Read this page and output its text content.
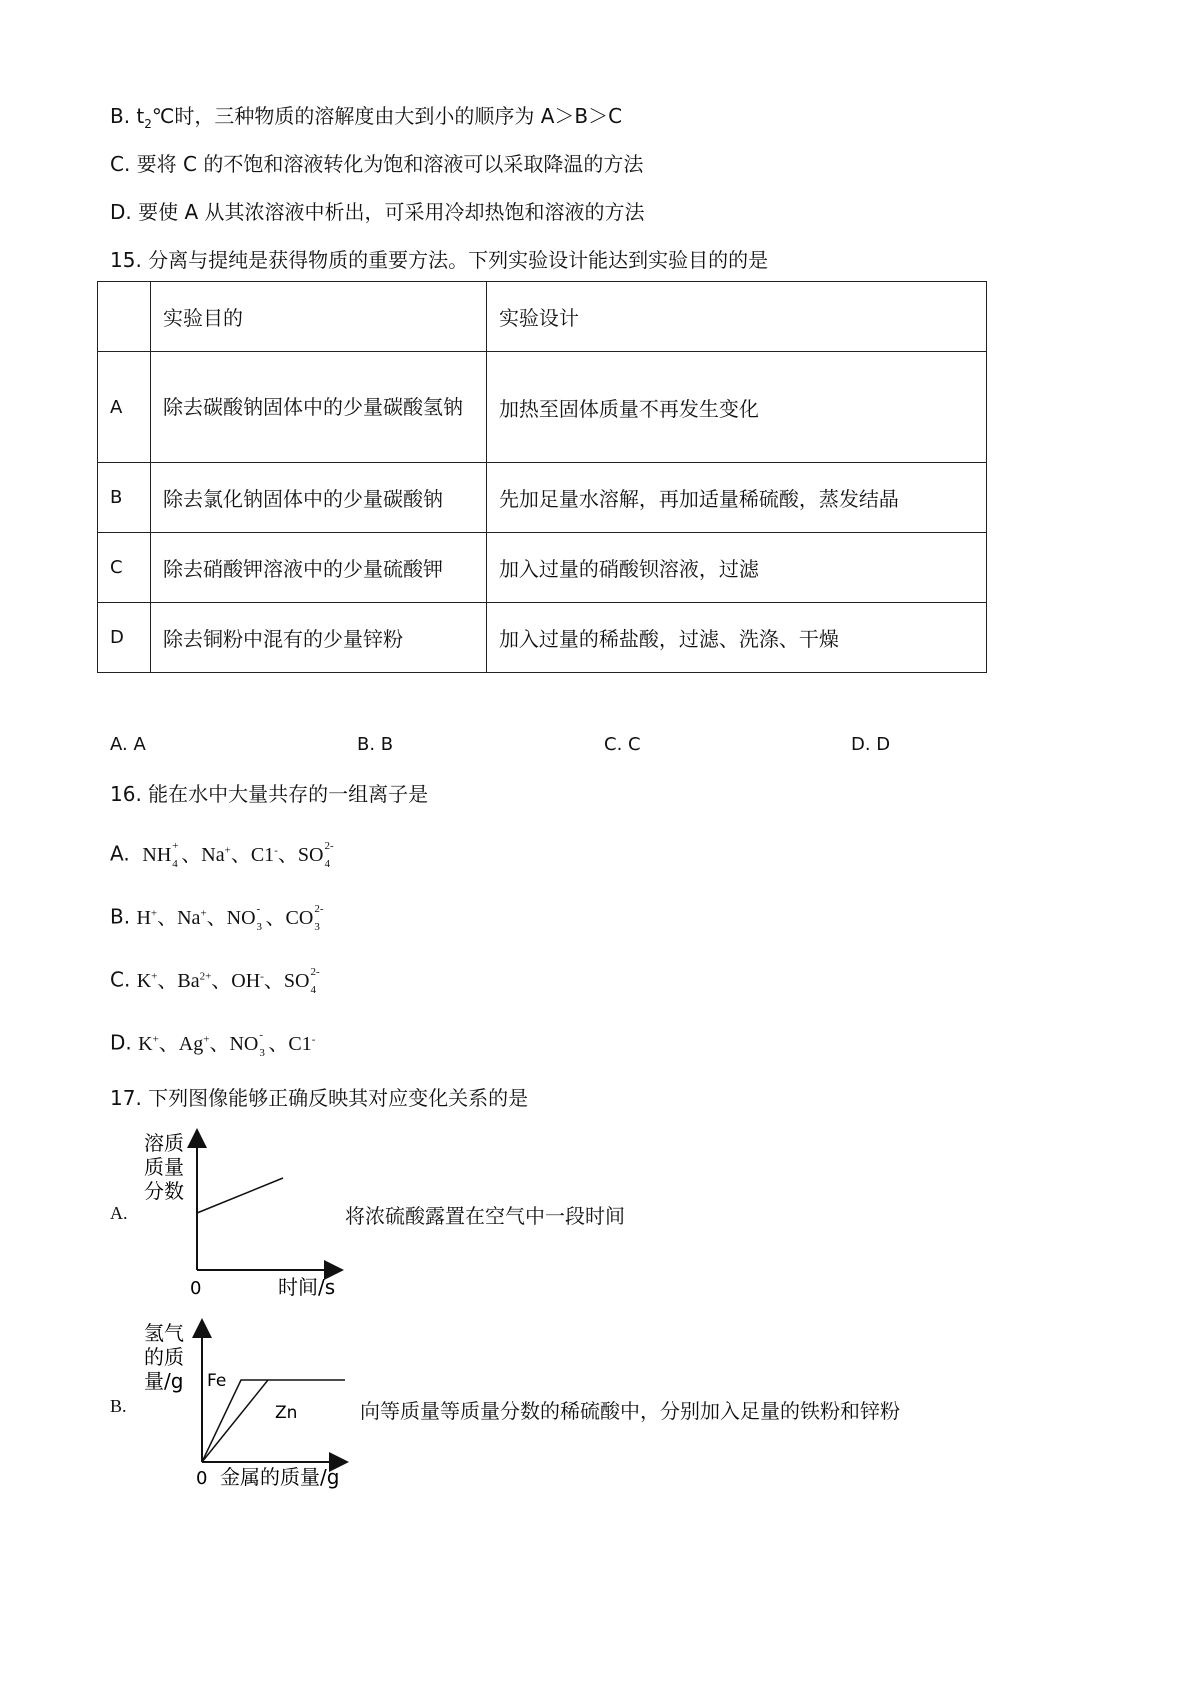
B. $t_2℃$时，三种物质的溶解度由大到小的顺序为 A＞B＞C
C. 要将 C 的不饱和溶液转化为饱和溶液可以采取降温的方法
D. 要使 A 从其浓溶液中析出，可采用冷却热饱和溶液的方法
15. 分离与提纯是获得物质的重要方法。下列实验设计能达到实验目的的是
	实验目的	实验设计
A	除去碳酸钠固体中的少量碳酸氢钠	加热至固体质量不再发生变化
B	除去氯化钠固体中的少量碳酸钠	先加足量水溶解，再加适量稀硫酸，蒸发结晶
C	除去硝酸钾溶液中的少量硫酸钾	加入过量的硝酸钡溶液，过滤
D	除去铜粉中混有的少量锌粉	加入过量的稀盐酸，过滤、洗涤、干燥
A. A	B. B	C. C	D. D
16. 能在水中大量共存的一组离子是
A. NH +
4 、Na+、C1-、SO 2-
4
B. H+、Na+、NO -
3 、CO 2-
3
C. K+、$Ba^{2+}$、OH-、SO 2-
4
D. K+、Ag+、NO -
3 、C1-
17. 下列图像能够正确反映其对应变化关系的是
A.
溶质
质量
分数
0	时间/s
将浓硫酸露置在空气中一段时间
B.
氢气
的质
量/g Fe
Zn
0 金属的质量/g
向等质量等质量分数的稀硫酸中，分别加入足量的铁粉和锌粉
